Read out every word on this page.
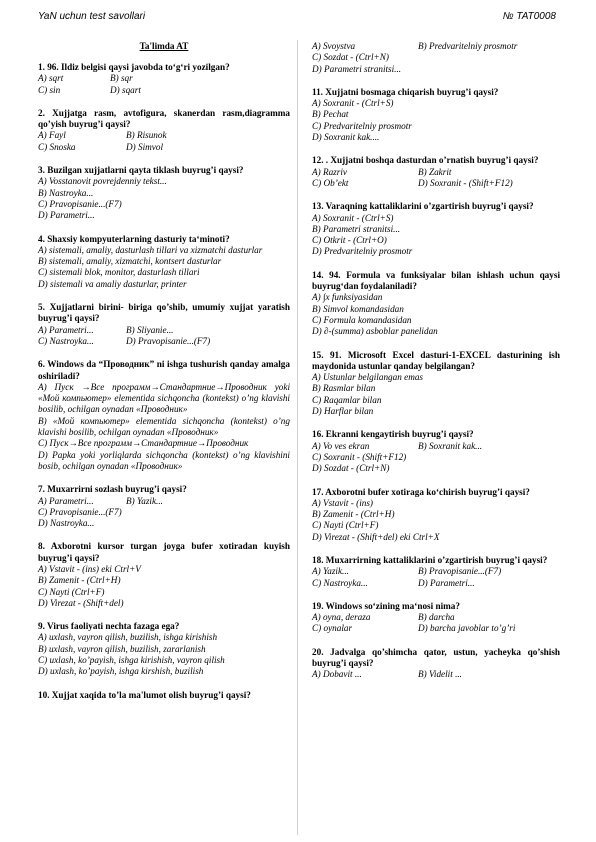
YaN uchun test savollari	№ TAT0008
Ta'limda AT
1. 96. Ildiz belgisi qaysi javobda to‘g‘ri yozilgan?
A) sqrt	B) sqr
C) sin	D) sqart
2. Xujjatga rasm, avtofigura, skanerdan rasm,diagramma qo’yish buyrug’i qaysi?
A) Fayl	B) Risunok
C) Snoska	D) Simvol
3. Buzilgan xujjatlarni qayta tiklash buyrug’i qaysi?
A) Vosstanovit povrejdenniy tekst...
B) Nastroyka...
C) Pravopisanie...(F7)
D) Parametri...
4. Shaxsiy kompyuterlarning dasturiy ta‘minoti?
A) sistemali, amaliy, dasturlash tillari va xizmatchi dasturlar
B) sistemali, amaliy, xizmatchi, kontsert dasturlar
C) sistemali blok, monitor, dasturlash tillari
D) sistemali va amaliy dasturlar, printer
5. Xujjatlarni birini- biriga qo’shib, umumiy xujjat yaratish buyrug’i qaysi?
A) Parametri...	B) Sliyanie...
C) Nastroyka...	D) Pravopisanie...(F7)
6. Windows da “Проводник” ni ishga tushurish qanday amalga oshiriladi?
A) Пуск →Все программ→Стандартние→Проводник yoki «Мой компьютер» elementida sichqoncha (kontekst) o’ng klavishi bosilib, ochilgan oynadan «Проводник»
B) «Мой компьютер» elementida sichqoncha (kontekst) o’ng klavishi bosilib, ochilgan oynadan «Проводник»
C) Пуск→Все программ→Стандартние→Проводник
D) Papka yoki yorliqlarda sichqoncha (kontekst) o’ng klavishini bosib, ochilgan oynadan «Проводник»
7. Muxarrirni sozlash buyrug’i qaysi?
A) Parametri...	B) Yazik...
C) Pravopisanie...(F7)
D) Nastroyka...
8. Axborotni kursor turgan joyga bufer xotiradan kuyish buyrug’i qaysi?
A) Vstavit - (ins) eki Ctrl+V
B) Zamenit - (Ctrl+H)
C) Nayti (Ctrl+F)
D) Virezat - (Shift+del)
9. Virus faoliyati nechta fazaga ega?
A) uxlash, vayron qilish, buzilish, ishga kirishish
B) uxlash, vayron qilish, buzilish, zararlanish
C) uxlash, ko’payish, ishga kirishish, vayron qilish
D) uxlash, ko’payish, ishga kirshish, buzilish
10. Xujjat xaqida to’la ma'lumot olish buyrug’i qaysi?
A) Svoystva	B) Predvaritelniy prosmotr
C) Sozdat - (Ctrl+N)
D) Parametri stranitsi...
11. Xujjatni bosmaga chiqarish buyrug’i qaysi?
A) Soxranit - (Ctrl+S)
B) Pechat
C) Predvaritelniy prosmotr
D) Soxranit kak....
12. . Xujjatni boshqa dasturdan o’rnatish buyrug’i qaysi?
A) Razriv	B) Zakrit
C) Ob’ekt	D) Soxranit - (Shift+F12)
13. Varaqning kattaliklarini o’zgartirish buyrug’i qaysi?
A) Soxranit - (Ctrl+S)
B) Parametri stranitsi...
C) Otkrit - (Ctrl+O)
D) Predvaritelniy prosmotr
14. 94. Formula va funksiyalar bilan ishlash uchun qaysi buyrug‘dan foydalaniladi?
A) ∫x funksiyasidan
B) Simvol komandasidan
C) Formula komandasidan
D) ∂-(summa) asboblar panelidan
15. 91. Microsoft Excel dasturi-1-EXCEL dasturining ish maydonida ustunlar qanday belgilangan?
A) Ustunlar belgilangan emas
B) Rasmlar bilan
C) Raqamlar bilan
D) Harflar bilan
16. Ekranni kengaytirish buyrug’i qaysi?
A) Vo ves ekran	B) Soxranit kak...
C) Soxranit - (Shift+F12)
D) Sozdat - (Ctrl+N)
17. Axborotni bufer xotiraga ko‘chirish buyrug’i qaysi?
A) Vstavit - (ins)
B) Zamenit - (Ctrl+H)
C) Nayti (Ctrl+F)
D) Virezat - (Shift+del) eki Ctrl+X
18. Muxarrirning kattaliklarini o’zgartirish buyrug’i qaysi?
A) Yazik...	B) Pravopisanie...(F7)
C) Nastroyka...	D) Parametri...
19. Windows so‘zining ma‘nosi nima?
A) oyna, deraza	B) darcha
C) oynalar	D) barcha javoblar to’g’ri
20. Jadvalga qo’shimcha qator, ustun, yacheyka qo’shish buyrug’i qaysi?
A) Dobavit ...	B) Videlit ...
